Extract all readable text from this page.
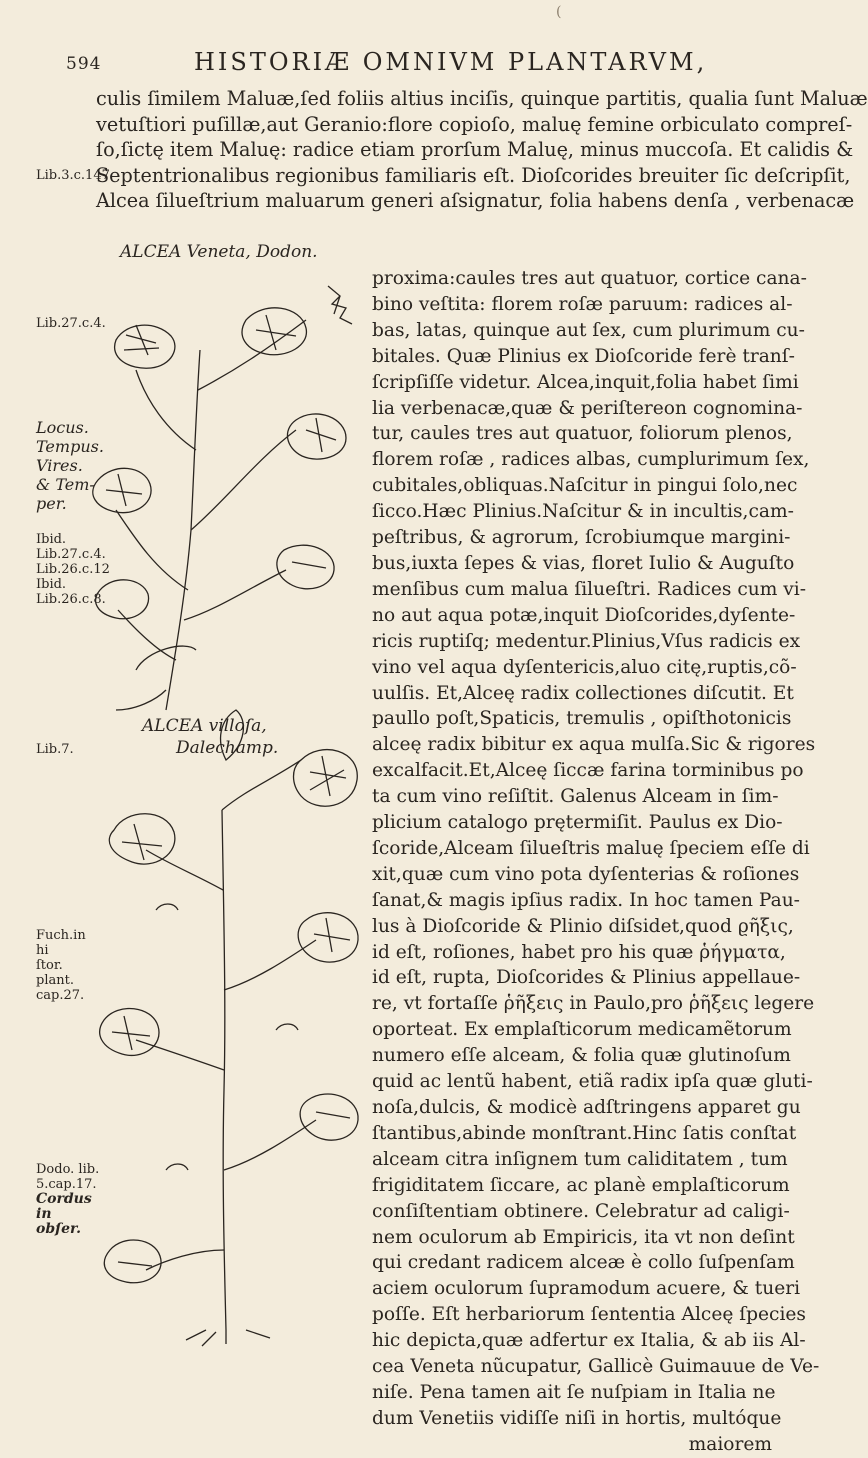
(
594	HISTORIÆ OMNIVM PLANTARVM,
culis ſimilem Maluæ,ſed foliis altius inciſis, quinque partitis, qualia ſunt Maluæ
vetuſtiori puſillæ,aut Geranio:flore copioſo, maluę femine orbiculato compreſ-
ſo,ſictę item Maluę: radice etiam prorſum Maluę, minus muccoſa. Et calidis &
Septentrionalibus regionibus familiaris eſt. Dioſcorides breuiter ſic deſcripſit,
Alcea ſilueſtrium maluarum generi aſsignatur, folia habens denſa , verbenacæ
ALCEA Veneta, Dodon.
ALCEA villoſa,
Dalechamp.
Lib.3.c.147
Lib.27.c.4.
Locus.
Tempus.
Vires.
& Tem-
per.
Ibid.
Lib.27.c.4.
Lib.26.c.12
Ibid.
Lib.26.c.8.
Lib.7.
Fuch.in hi
ſtor. plant.
cap.27.
Dodo. lib.
5.cap.17.
Cordus in
obſer.
proxima:caules tres aut quatuor, cortice cana-
bino veſtita: florem roſæ paruum: radices al-
bas, latas, quinque aut ſex, cum plurimum cu-
bitales. Quæ Plinius ex Dioſcoride ferè tranſ-
ſcripſiſſe videtur. Alcea,inquit,folia habet ſimi
lia verbenacæ,quæ & periſtereon cognomina-
tur, caules tres aut quatuor, foliorum plenos,
florem roſæ , radices albas, cumplurimum ſex,
cubitales,obliquas.Naſcitur in pingui ſolo,nec
ſicco.Hæc Plinius.Naſcitur & in incultis,cam-
peſtribus, & agrorum, ſcrobiumque margini-
bus,iuxta ſepes & vias, floret Iulio & Auguſto
menſibus cum malua ſilueſtri. Radices cum vi-
no aut aqua potæ,inquit Dioſcorides,dyſente-
ricis ruptiſq; medentur.Plinius,Vſus radicis ex
vino vel aqua dyſentericis,aluo citę,ruptis,cõ-
uulſis. Et,Alceę radix collectiones diſcutit. Et
paullo poſt,Spaticis, tremulis , opiſthotonicis
alceę radix bibitur ex aqua mulſa.Sic & rigores
excalfacit.Et,Alceę ſiccæ farina torminibus po
ta cum vino reſiſtit. Galenus Alceam in ſim-
plicium catalogo prętermiſit. Paulus ex Dio-
ſcoride,Alceam ſilueſtris maluę ſpeciem eſſe di
xit,quæ cum vino pota dyſenterias & roſiones
ſanat,& magis ipſius radix. In hoc tamen Pau-
lus à Dioſcoride & Plinio diſsidet,quod ϱῆξις,
id eſt, roſiones, habet pro his quæ ῥήγματα,
id eſt, rupta, Dioſcorides & Plinius appellaue-
re, vt fortaſſe ῥῆξεις in Paulo,pro ῥῆξεις legere
oporteat. Ex emplaſticorum medicamẽtorum
numero eſſe alceam, & folia quæ glutinoſum
quid ac lentũ habent, etiã radix ipſa quæ gluti-
noſa,dulcis, & modicè adſtringens apparet gu
ſtantibus,abinde monſtrant.Hinc ſatis conſtat
alceam citra inſignem tum caliditatem , tum
frigiditatem ſiccare, ac planè emplaſticorum
conſiſtentiam obtinere. Celebratur ad caligi-
nem oculorum ab Empiricis, ita vt non deſint
qui credant radicem alceæ è collo ſuſpenſam
aciem oculorum ſupramodum acuere, & tueri
poſſe. Eſt herbariorum ſententia Alceę ſpecies
hic depicta,quæ adfertur ex Italia, & ab iis Al-
cea Veneta nũcupatur, Gallicè Guimauue de Ve-
niſe. Pena tamen ait ſe nuſpiam in Italia ne
dum Venetiis vidiſſe niſi in hortis, multóque
maiorem
